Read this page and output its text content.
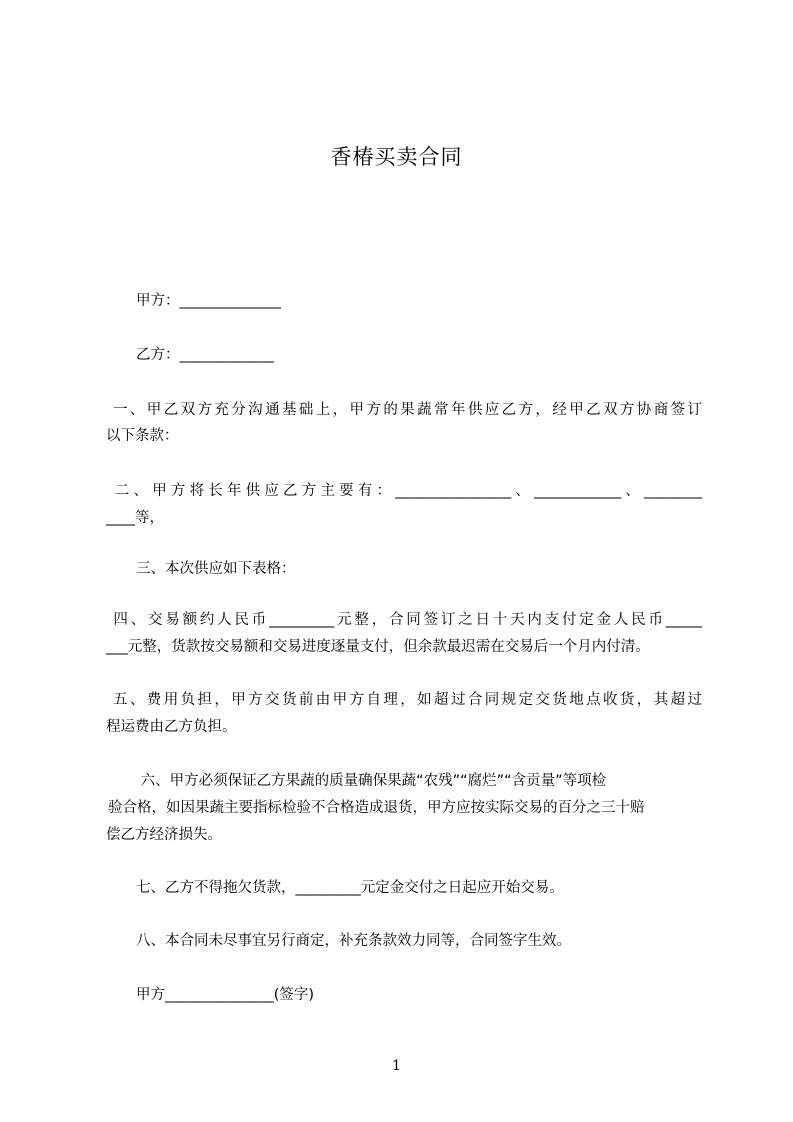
香椿买卖合同
甲方：______________
乙方：_____________
一、甲乙双方充分沟通基础上，甲方的果蔬常年供应乙方，经甲乙双方协商签订
以下条款：
二、甲方将长年供应乙方主要有：________________、____________、________
____等，
三、本次供应如下表格：
四、交易额约人民币_________元整，合同签订之日十天内支付定金人民币_____
___元整，货款按交易额和交易进度逐量支付，但余款最迟需在交易后一个月内付清。
五、费用负担，甲方交货前由甲方自理，如超过合同规定交货地点收货，其超过
程运费由乙方负担。
六、甲方必须保证乙方果蔬的质量确保果蔬“农残”“腐烂”“含贡量”等项检
验合格，如因果蔬主要指标检验不合格造成退货，甲方应按实际交易的百分之三十赔
偿乙方经济损失。
七、乙方不得拖欠货款，_________元定金交付之日起应开始交易。
八、本合同未尽事宜另行商定，补充条款效力同等，合同签字生效。
甲方_______________(签字)
1
